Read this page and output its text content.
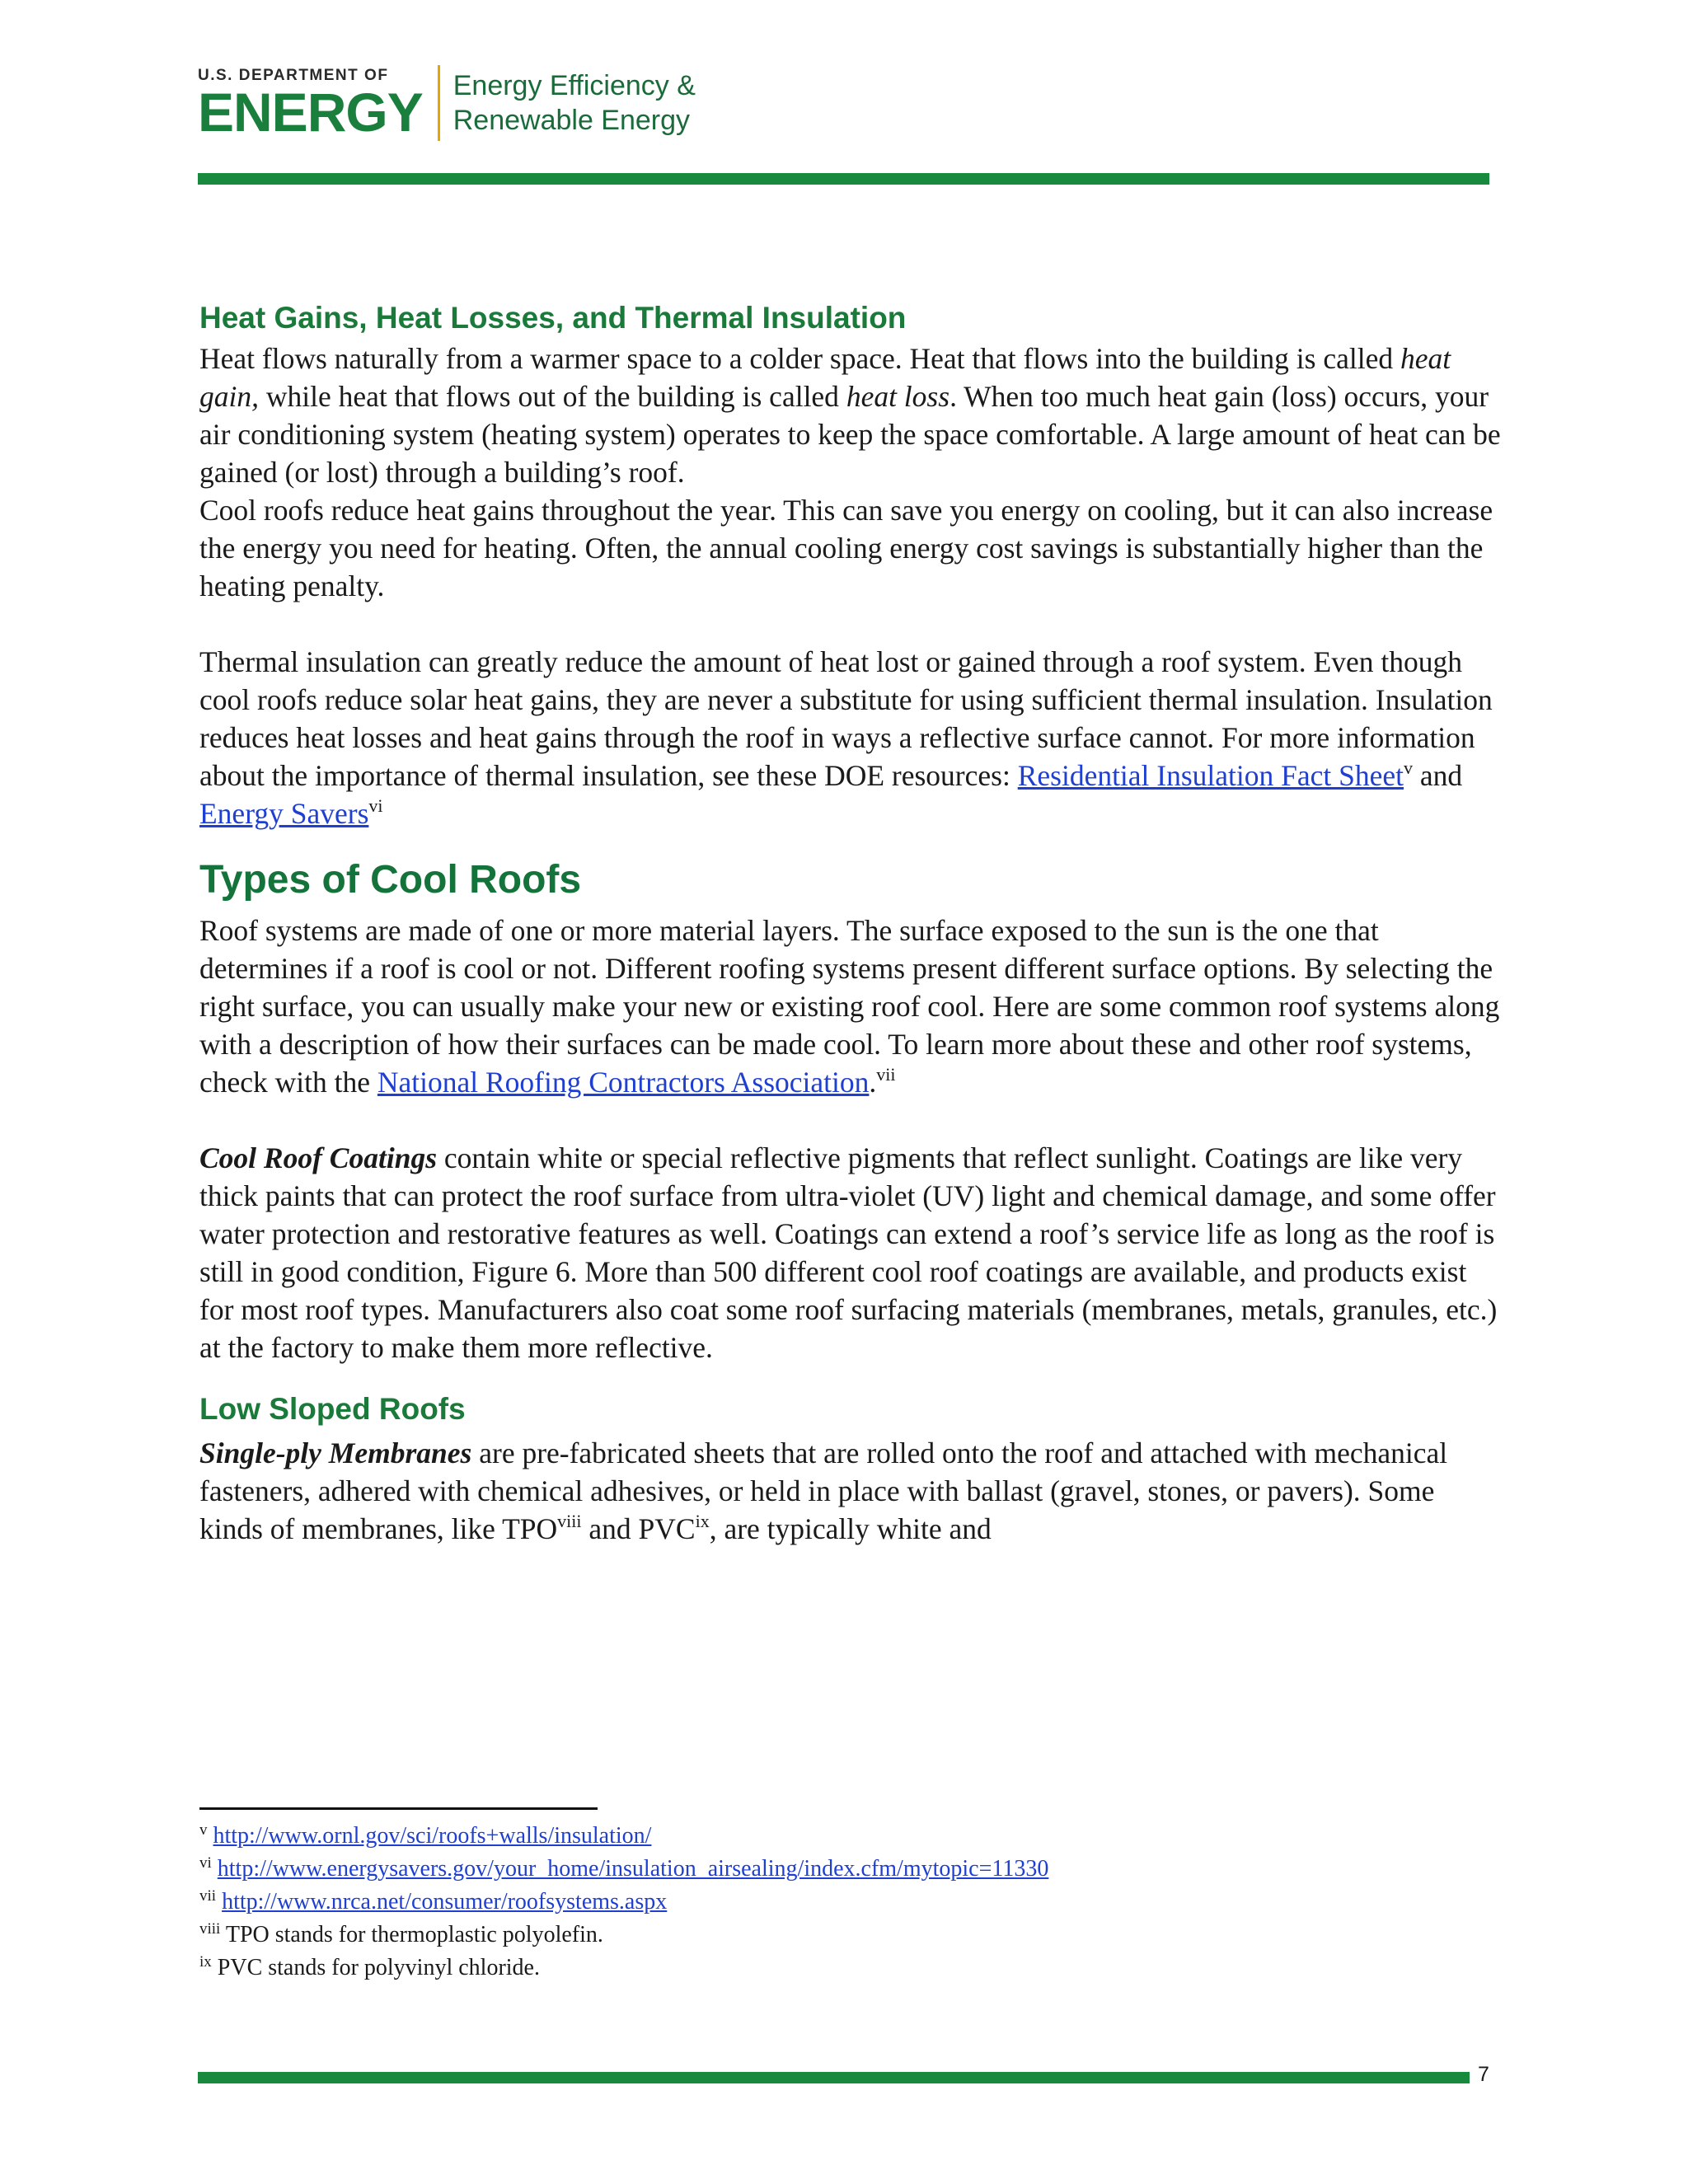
U.S. DEPARTMENT OF
ENERGY Energy Efficiency &
Renewable Energy
Heat Gains, Heat Losses, and Thermal Insulation

Heat flows naturally from a warmer space to a colder space. Heat that flows into the building is called heat gain, while heat that flows out of the building is called heat loss. When too much heat gain (loss) occurs, your air conditioning system (heating system) operates to keep the space comfortable. A large amount of heat can be gained (or lost) through a building’s roof.

Cool roofs reduce heat gains throughout the year. This can save you energy on cooling, but it can also increase the energy you need for heating. Often, the annual cooling energy cost savings is substantially higher than the heating penalty.

Thermal insulation can greatly reduce the amount of heat lost or gained through a roof system. Even though cool roofs reduce solar heat gains, they are never a substitute for using sufficient thermal insulation. Insulation reduces heat losses and heat gains through the roof in ways a reflective surface cannot. For more information about the importance of thermal insulation, see these DOE resources: Residential Insulation Fact Sheet$^v$ and Energy Savers$^{vi}$

Types of Cool Roofs

Roof systems are made of one or more material layers. The surface exposed to the sun is the one that determines if a roof is cool or not. Different roofing systems present different surface options. By selecting the right surface, you can usually make your new or existing roof cool. Here are some common roof systems along with a description of how their surfaces can be made cool. To learn more about these and other roof systems, check with the National Roofing Contractors Association.$^{vii}$

Cool Roof Coatings contain white or special reflective pigments that reflect sunlight. Coatings are like very thick paints that can protect the roof surface from ultra-violet (UV) light and chemical damage, and some offer water protection and restorative features as well. Coatings can extend a roof’s service life as long as the roof is still in good condition, Figure 6. More than 500 different cool roof coatings are available, and products exist for most roof types. Manufacturers also coat some roof surfacing materials (membranes, metals, granules, etc.) at the factory to make them more reflective.

Low Sloped Roofs

Single-ply Membranes are pre-fabricated sheets that are rolled onto the roof and attached with mechanical fasteners, adhered with chemical adhesives, or held in place with ballast (gravel, stones, or pavers). Some kinds of membranes, like TPO$^{viii}$ and PVC$^{ix}$, are typically white and

$^v$ http://www.ornl.gov/sci/roofs+walls/insulation/
$^{vi}$ http://www.energysavers.gov/your_home/insulation_airsealing/index.cfm/mytopic=11330
$^{vii}$ http://www.nrca.net/consumer/roofsystems.aspx
$^{viii}$ TPO stands for thermoplastic polyolefin.
$^{ix}$ PVC stands for polyvinyl chloride.
7
